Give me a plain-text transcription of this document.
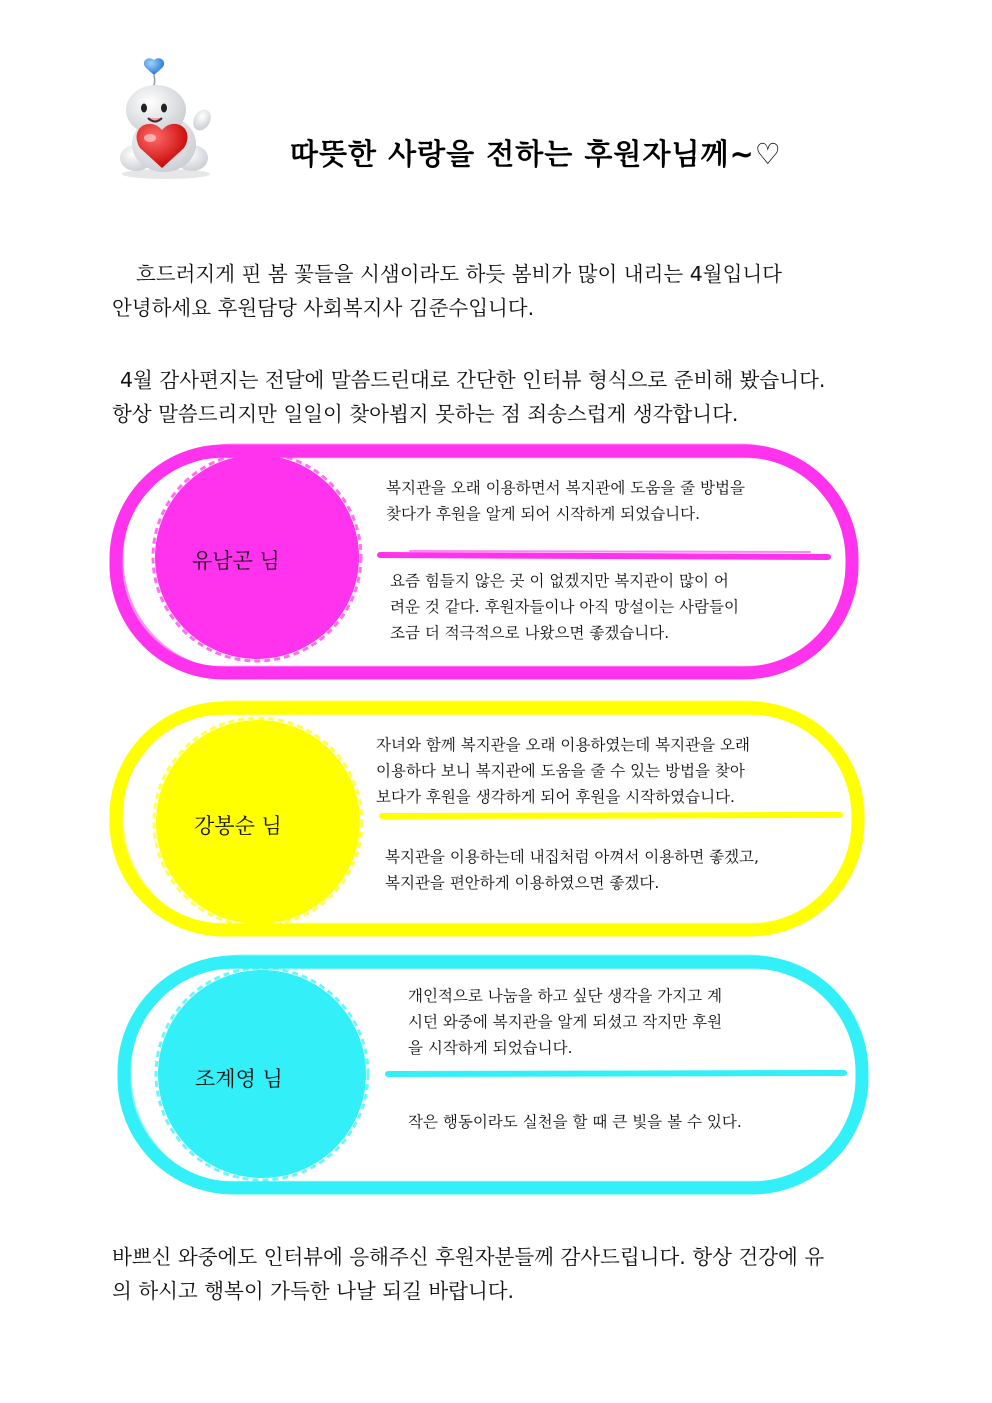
따뜻한 사랑을 전하는 후원자님께~♡

흐드러지게 핀 봄 꽃들을 시샘이라도 하듯 봄비가 많이 내리는 4월입니다
안녕하세요 후원담당 사회복지사 김준수입니다.

4월 감사편지는 전달에 말씀드린대로 간단한 인터뷰 형식으로 준비해 봤습니다.
항상 말씀드리지만 일일이 찾아뵙지 못하는 점 죄송스럽게 생각합니다.

유남곤 님
복지관을 오래 이용하면서 복지관에 도움을 줄 방법을
찾다가 후원을 알게 되어 시작하게 되었습니다.
요즘 힘들지 않은 곳 이 없겠지만 복지관이 많이 어
려운 것 같다. 후원자들이나 아직 망설이는 사람들이
조금 더 적극적으로 나왔으면 좋겠습니다.
강봉순 님
자녀와 함께 복지관을 오래 이용하였는데 복지관을 오래
이용하다 보니 복지관에 도움을 줄 수 있는 방법을 찾아
보다가 후원을 생각하게 되어 후원을 시작하였습니다.
복지관을 이용하는데 내집처럼 아껴서 이용하면 좋겠고,
복지관을 편안하게 이용하였으면 좋겠다.
조계영 님
개인적으로 나눔을 하고 싶단 생각을 가지고 계
시던 와중에 복지관을 알게 되셨고 작지만 후원
을 시작하게 되었습니다.
작은 행동이라도 실천을 할 때 큰 빛을 볼 수 있다.

바쁘신 와중에도 인터뷰에 응해주신 후원자분들께 감사드립니다. 항상 건강에 유
의 하시고 행복이 가득한 나날 되길 바랍니다.
